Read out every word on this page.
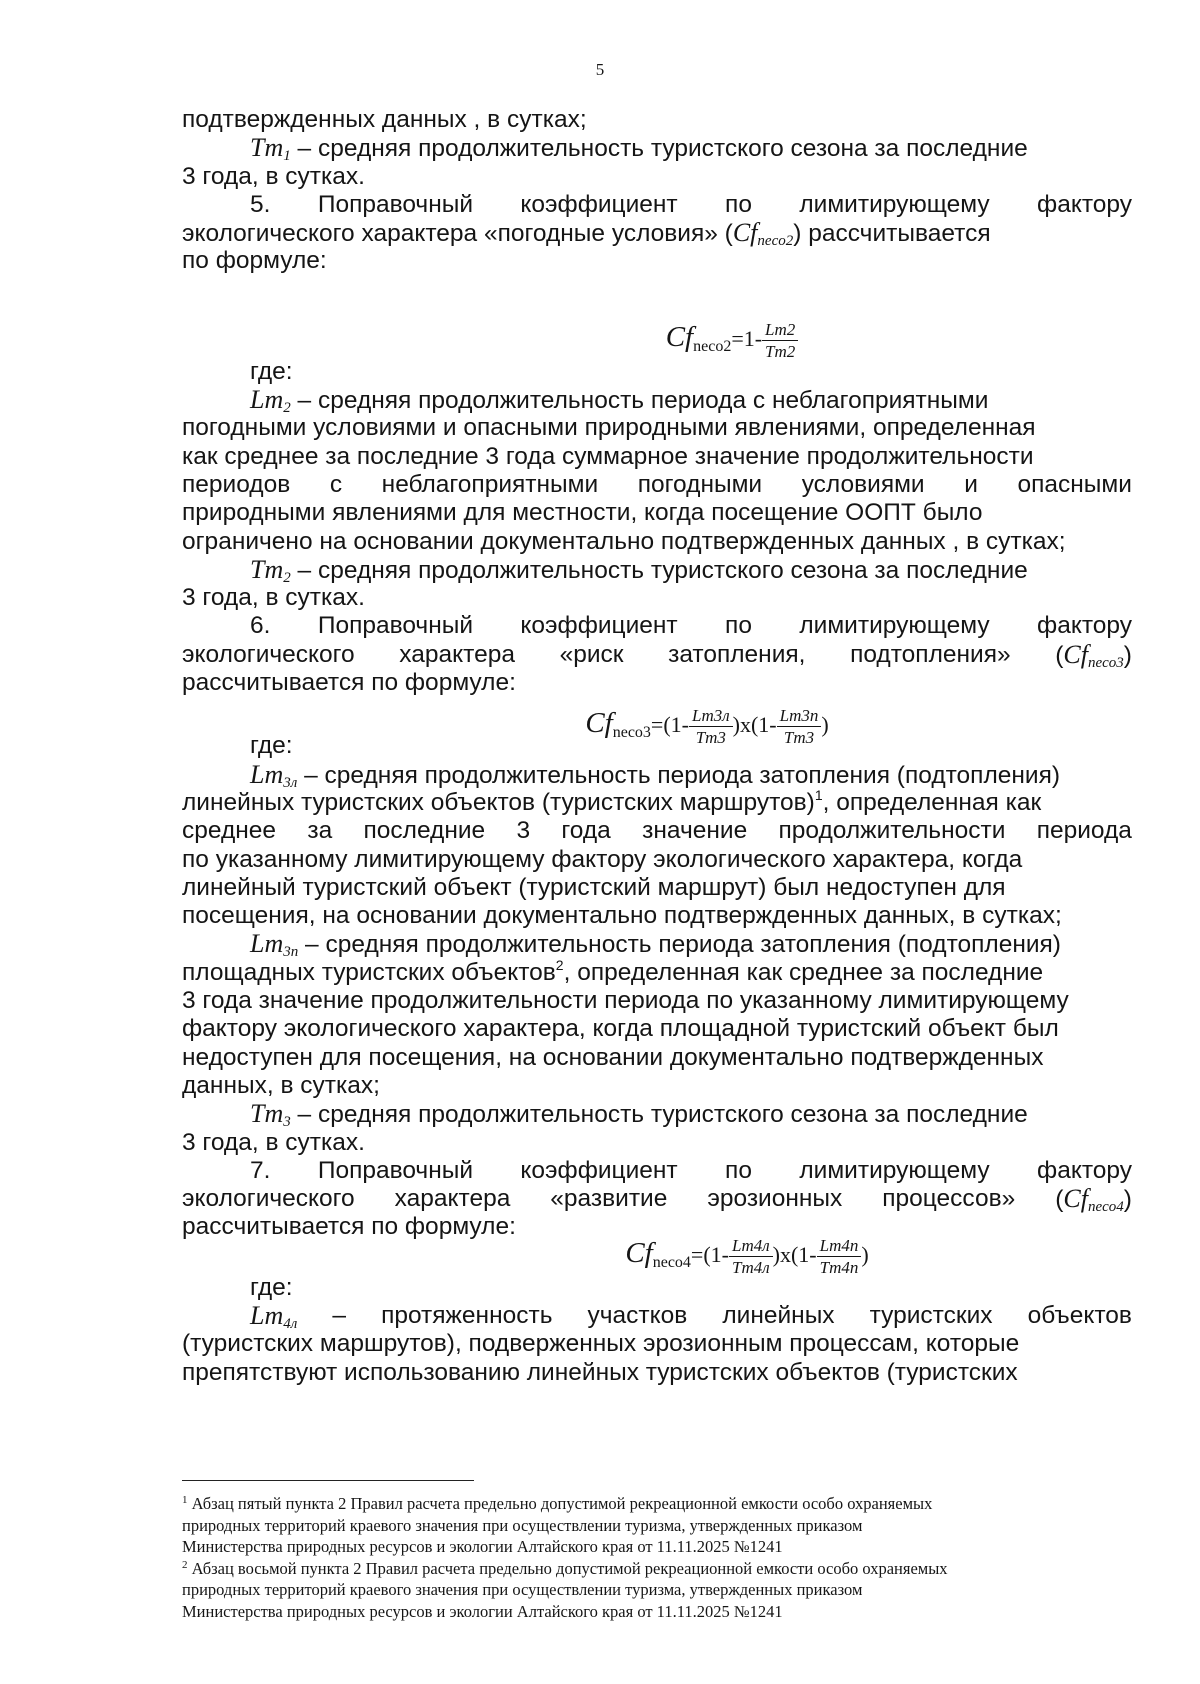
5
подтвержденных данных , в сутках;
$Tm_1$ – средняя продолжительность туристского сезона за последние
3 года, в сутках.
5. Поправочный коэффициент по лимитирующему фактору
экологического характера «погодные условия» $(Cf_{neco2})$ рассчитывается
по формуле:
$Cf_{neco2}=1- \frac{Lm2}{Tm2}$
где:
$Lm_2$ – средняя продолжительность периода с неблагоприятными
погодными условиями и опасными природными явлениями, определенная
как среднее за последние 3 года суммарное значение продолжительности
периодов с неблагоприятными погодными условиями и опасными
природными явлениями для местности, когда посещение ООПТ было
ограничено на основании документально подтвержденных данных , в сутках;
$Tm_2$ – средняя продолжительность туристского сезона за последние
3 года, в сутках.
6. Поправочный коэффициент по лимитирующему фактору
экологического характера «риск затопления, подтопления» $(Cf_{neco3})$
рассчитывается по формуле:
$Cf_{neco3}=(1- \frac{Lm3л}{Tm3} )x(1- \frac{Lm3п}{Tm3}$ )
где:
$Lm_{3л}$ – средняя продолжительность периода затопления (подтопления)
линейных туристских объектов (туристских маршрутов)$^1$, определенная как
среднее за последние 3 года значение продолжительности периода
по указанному лимитирующему фактору экологического характера, когда
линейный туристский объект (туристский маршрут) был недоступен для
посещения, на основании документально подтвержденных данных, в сутках;
$Lm_{3п}$ – средняя продолжительность периода затопления (подтопления)
площадных туристских объектов$^2$, определенная как среднее за последние
3 года значение продолжительности периода по указанному лимитирующему
фактору экологического характера, когда площадной туристский объект был
недоступен для посещения, на основании документально подтвержденных
данных, в сутках;
$Tm_3$ – средняя продолжительность туристского сезона за последние
3 года, в сутках.
7. Поправочный коэффициент по лимитирующему фактору
экологического характера «развитие эрозионных процессов» $(Cf_{neco4})$
рассчитывается по формуле:
$Cf_{neco4}=(1- \frac{Lm4л}{Tm4л} )x(1- \frac{Lm4п}{Tm4п}$ )
где:
$Lm_{4л}$ – протяженность участков линейных туристских объектов
(туристских маршрутов), подверженных эрозионным процессам, которые
препятствуют использованию линейных туристских объектов (туристских
$^1$ Абзац пятый пункта 2 Правил расчета предельно допустимой рекреационной емкости особо охраняемых
природных территорий краевого значения при осуществлении туризма, утвержденных приказом
Министерства природных ресурсов и экологии Алтайского края от 11.11.2025 №1241
$^2$ Абзац восьмой пункта 2 Правил расчета предельно допустимой рекреационной емкости особо охраняемых
природных территорий краевого значения при осуществлении туризма, утвержденных приказом
Министерства природных ресурсов и экологии Алтайского края от 11.11.2025 №1241
